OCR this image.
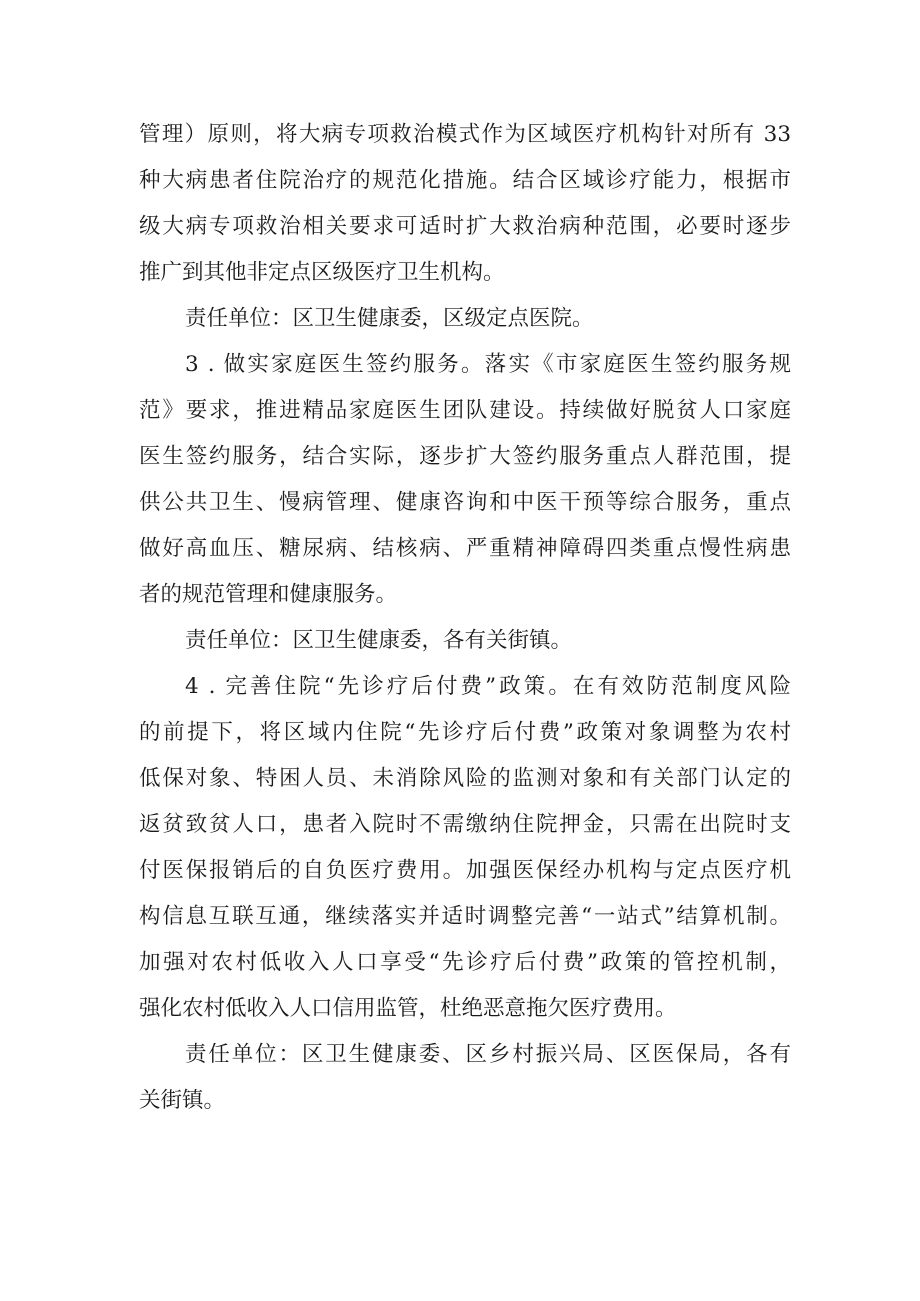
管理）原则，将大病专项救治模式作为区域医疗机构针对所有 33
种大病患者住院治疗的规范化措施。结合区域诊疗能力，根据市
级大病专项救治相关要求可适时扩大救治病种范围，必要时逐步
推广到其他非定点区级医疗卫生机构。
责任单位：区卫生健康委，区级定点医院。
3 . 做实家庭医生签约服务。落实《市家庭医生签约服务规
范》要求，推进精品家庭医生团队建设。持续做好脱贫人口家庭
医生签约服务，结合实际，逐步扩大签约服务重点人群范围，提
供公共卫生、慢病管理、健康咨询和中医干预等综合服务，重点
做好高血压、糖尿病、结核病、严重精神障碍四类重点慢性病患
者的规范管理和健康服务。
责任单位：区卫生健康委，各有关街镇。
4 . 完善住院“先诊疗后付费”政策。在有效防范制度风险
的前提下，将区域内住院“先诊疗后付费”政策对象调整为农村
低保对象、特困人员、未消除风险的监测对象和有关部门认定的
返贫致贫人口，患者入院时不需缴纳住院押金，只需在出院时支
付医保报销后的自负医疗费用。加强医保经办机构与定点医疗机
构信息互联互通，继续落实并适时调整完善“一站式”结算机制。
加强对农村低收入人口享受“先诊疗后付费”政策的管控机制，
强化农村低收入人口信用监管，杜绝恶意拖欠医疗费用。
责任单位：区卫生健康委、区乡村振兴局、区医保局，各有
关街镇。
